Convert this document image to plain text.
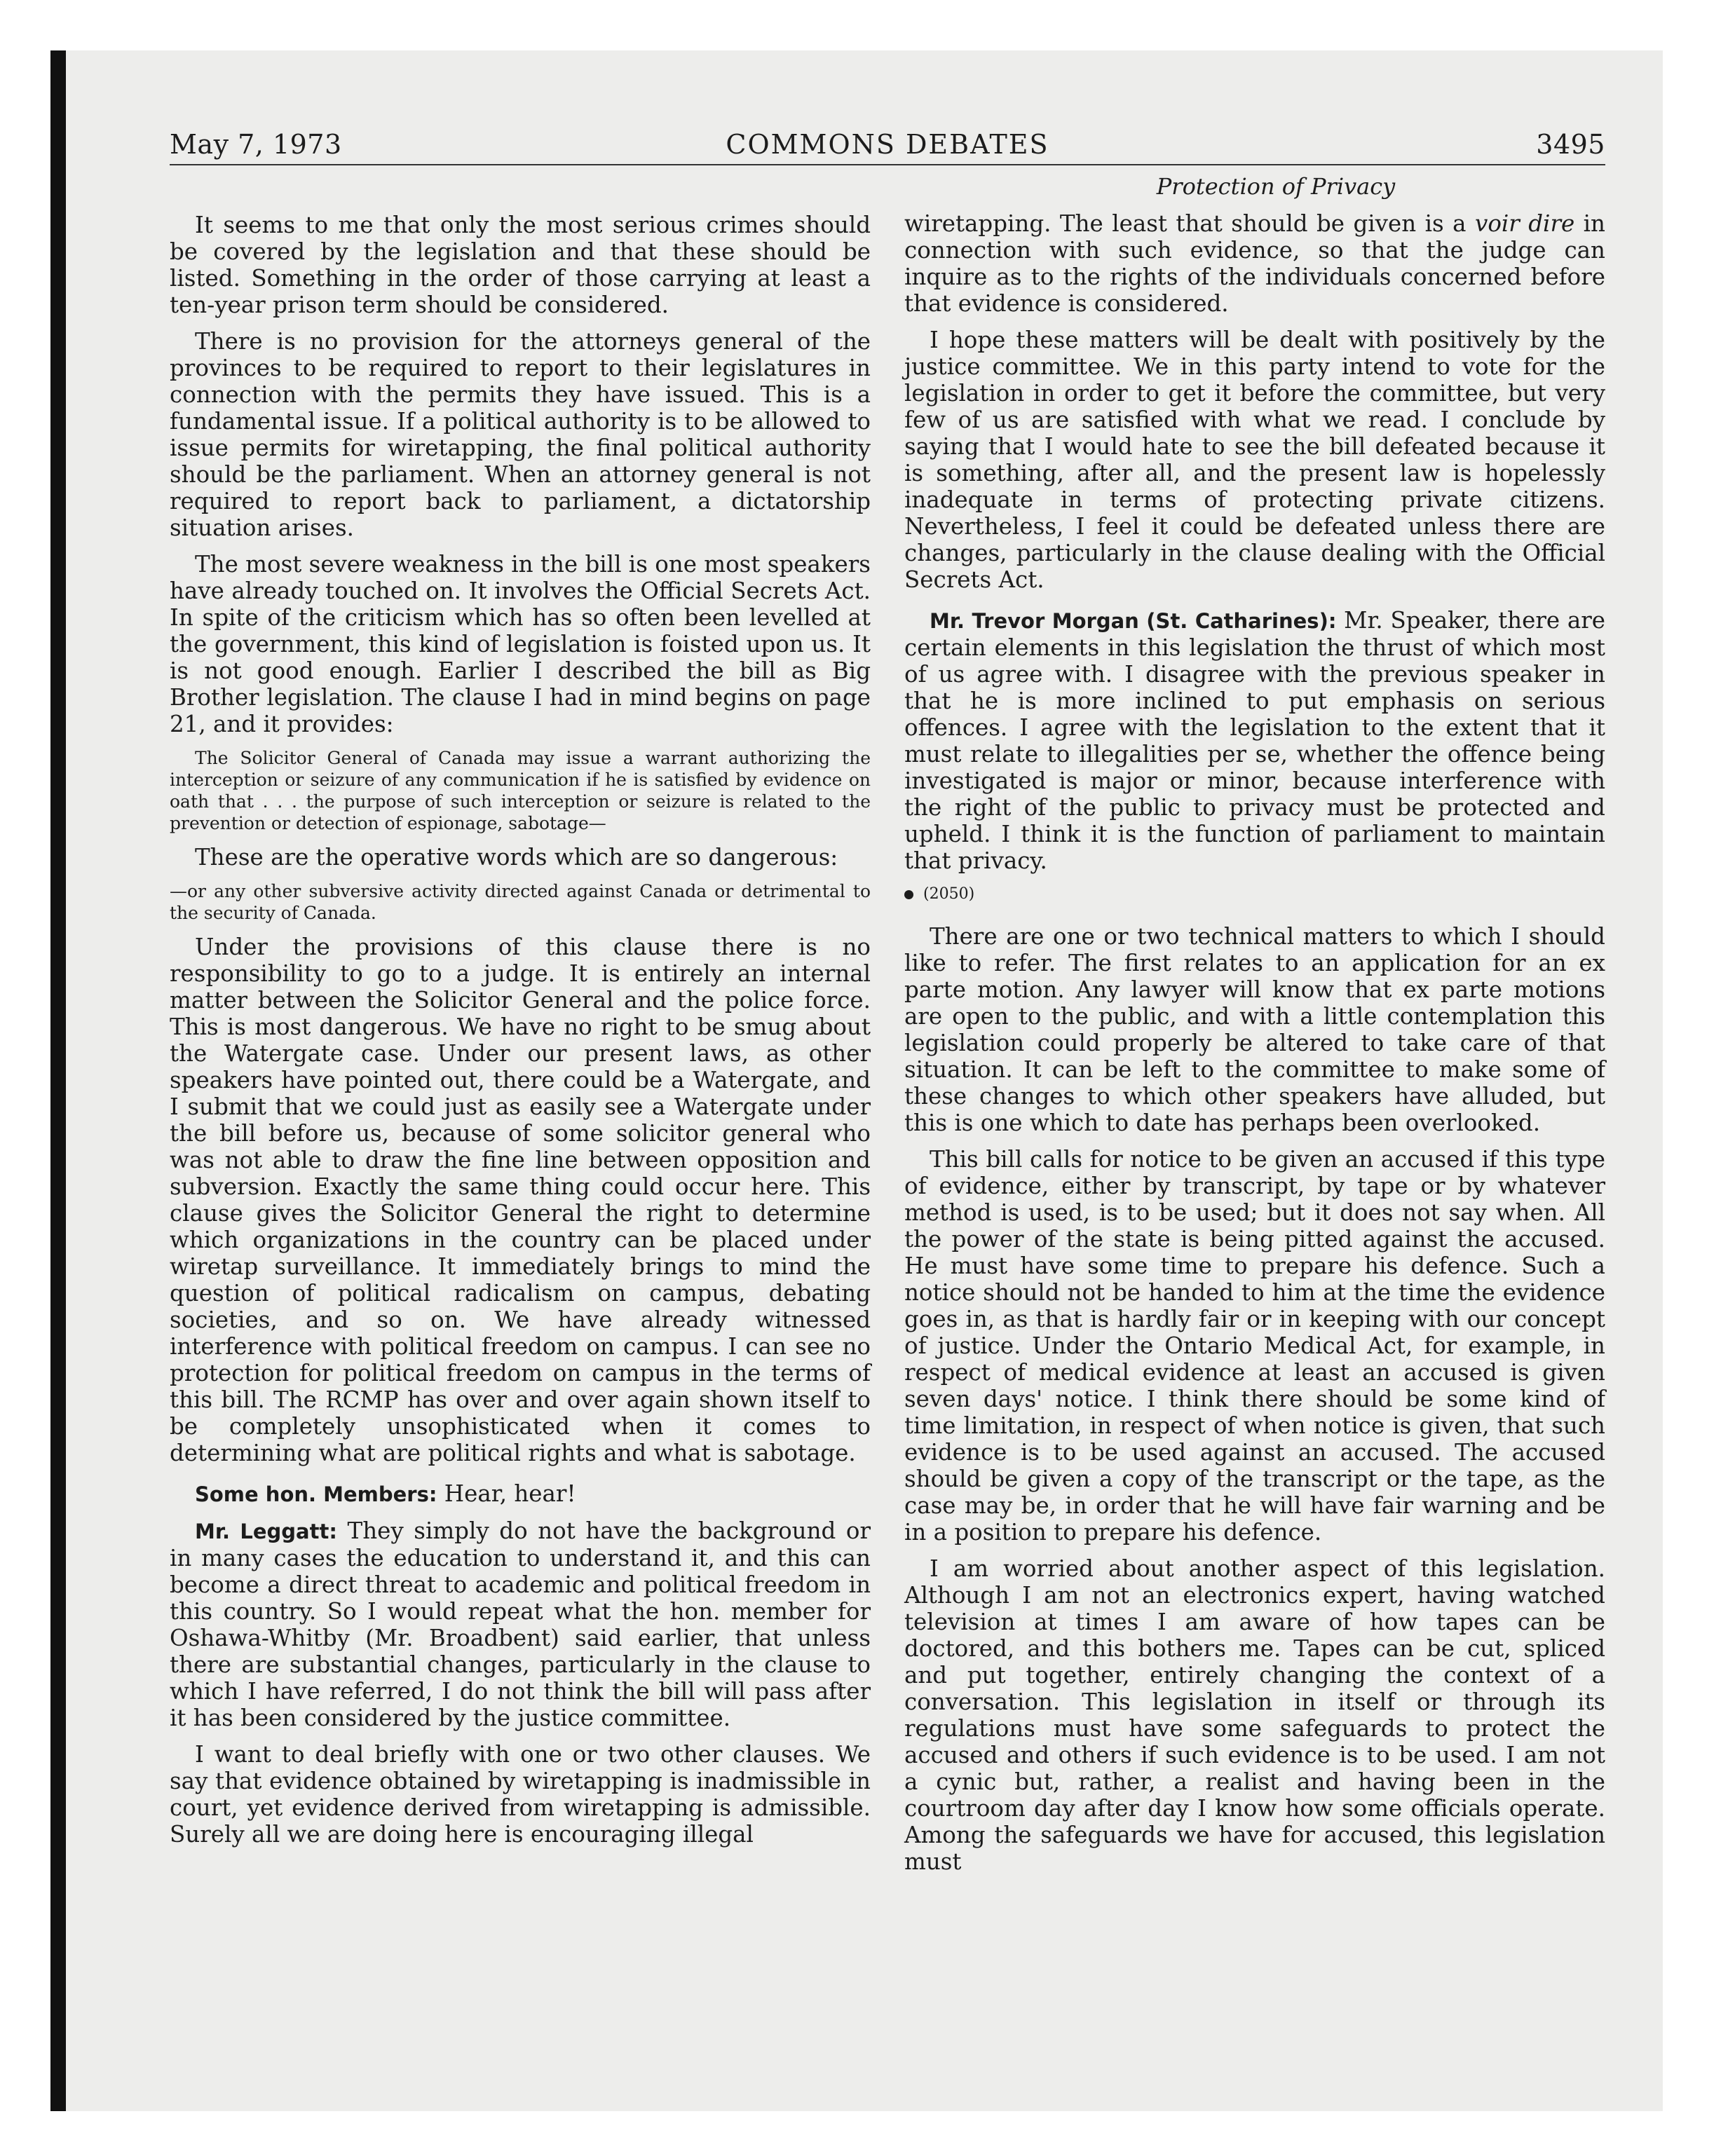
May 7, 1973	COMMONS DEBATES	3495

It seems to me that only the most serious crimes should be covered by the legislation and that these should be listed. Something in the order of those carrying at least a ten-year prison term should be considered.

There is no provision for the attorneys general of the provinces to be required to report to their legislatures in connection with the permits they have issued. This is a fundamental issue. If a political authority is to be allowed to issue permits for wiretapping, the final political authority should be the parliament. When an attorney general is not required to report back to parliament, a dictatorship situation arises.

The most severe weakness in the bill is one most speakers have already touched on. It involves the Official Secrets Act. In spite of the criticism which has so often been levelled at the government, this kind of legislation is foisted upon us. It is not good enough. Earlier I described the bill as Big Brother legislation. The clause I had in mind begins on page 21, and it provides:

The Solicitor General of Canada may issue a warrant authorizing the interception or seizure of any communication if he is satisfied by evidence on oath that . . . the purpose of such interception or seizure is related to the prevention or detection of espionage, sabotage—

These are the operative words which are so dangerous:

—or any other subversive activity directed against Canada or detrimental to the security of Canada.

Under the provisions of this clause there is no responsibility to go to a judge. It is entirely an internal matter between the Solicitor General and the police force. This is most dangerous. We have no right to be smug about the Watergate case. Under our present laws, as other speakers have pointed out, there could be a Watergate, and I submit that we could just as easily see a Watergate under the bill before us, because of some solicitor general who was not able to draw the fine line between opposition and subversion. Exactly the same thing could occur here. This clause gives the Solicitor General the right to determine which organizations in the country can be placed under wiretap surveillance. It immediately brings to mind the question of political radicalism on campus, debating societies, and so on. We have already witnessed interference with political freedom on campus. I can see no protection for political freedom on campus in the terms of this bill. The RCMP has over and over again shown itself to be completely unsophisticated when it comes to determining what are political rights and what is sabotage.

Some hon. Members: Hear, hear!

Mr. Leggatt: They simply do not have the background or in many cases the education to understand it, and this can become a direct threat to academic and political freedom in this country. So I would repeat what the hon. member for Oshawa-Whitby (Mr. Broadbent) said earlier, that unless there are substantial changes, particularly in the clause to which I have referred, I do not think the bill will pass after it has been considered by the justice committee.

I want to deal briefly with one or two other clauses. We say that evidence obtained by wiretapping is inadmissible in court, yet evidence derived from wiretapping is admissible. Surely all we are doing here is encouraging illegal

Protection of Privacy

wiretapping. The least that should be given is a voir dire in connection with such evidence, so that the judge can inquire as to the rights of the individuals concerned before that evidence is considered.

I hope these matters will be dealt with positively by the justice committee. We in this party intend to vote for the legislation in order to get it before the committee, but very few of us are satisfied with what we read. I conclude by saying that I would hate to see the bill defeated because it is something, after all, and the present law is hopelessly inadequate in terms of protecting private citizens. Nevertheless, I feel it could be defeated unless there are changes, particularly in the clause dealing with the Official Secrets Act.

Mr. Trevor Morgan (St. Catharines): Mr. Speaker, there are certain elements in this legislation the thrust of which most of us agree with. I disagree with the previous speaker in that he is more inclined to put emphasis on serious offences. I agree with the legislation to the extent that it must relate to illegalities per se, whether the offence being investigated is major or minor, because interference with the right of the public to privacy must be protected and upheld. I think it is the function of parliament to maintain that privacy.

(2050)

There are one or two technical matters to which I should like to refer. The first relates to an application for an ex parte motion. Any lawyer will know that ex parte motions are open to the public, and with a little contemplation this legislation could properly be altered to take care of that situation. It can be left to the committee to make some of these changes to which other speakers have alluded, but this is one which to date has perhaps been overlooked.

This bill calls for notice to be given an accused if this type of evidence, either by transcript, by tape or by whatever method is used, is to be used; but it does not say when. All the power of the state is being pitted against the accused. He must have some time to prepare his defence. Such a notice should not be handed to him at the time the evidence goes in, as that is hardly fair or in keeping with our concept of justice. Under the Ontario Medical Act, for example, in respect of medical evidence at least an accused is given seven days' notice. I think there should be some kind of time limitation, in respect of when notice is given, that such evidence is to be used against an accused. The accused should be given a copy of the transcript or the tape, as the case may be, in order that he will have fair warning and be in a position to prepare his defence.

I am worried about another aspect of this legislation. Although I am not an electronics expert, having watched television at times I am aware of how tapes can be doctored, and this bothers me. Tapes can be cut, spliced and put together, entirely changing the context of a conversation. This legislation in itself or through its regulations must have some safeguards to protect the accused and others if such evidence is to be used. I am not a cynic but, rather, a realist and having been in the courtroom day after day I know how some officials operate. Among the safeguards we have for accused, this legislation must
